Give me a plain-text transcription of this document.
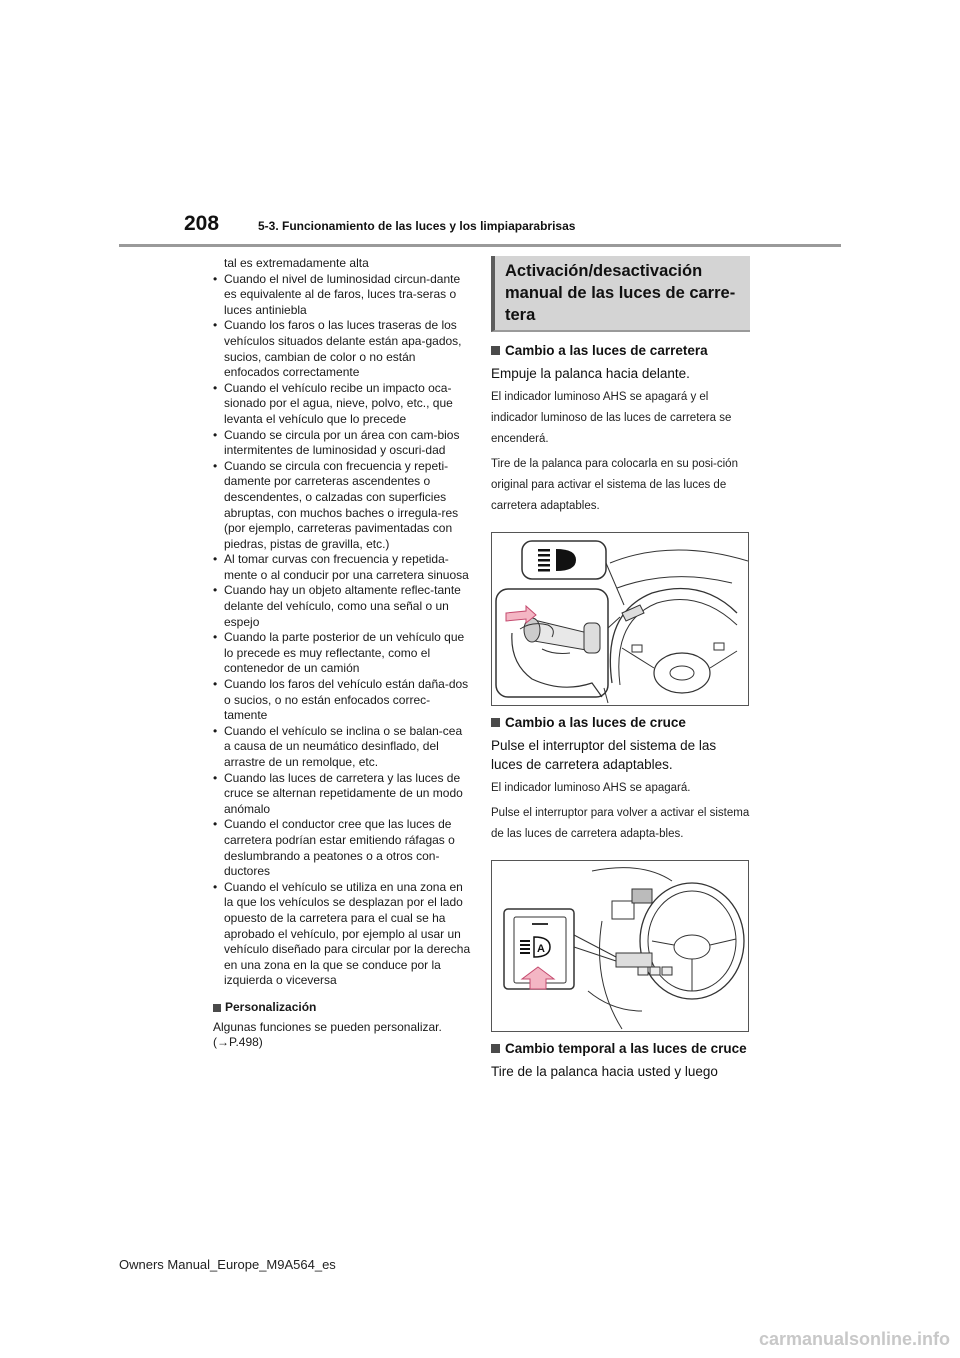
208	5-3. Funcionamiento de las luces y los limpiaparabrisas
tal es extremadamente alta
• Cuando el nivel de luminosidad circun-dante es equivalente al de faros, luces tra-seras o luces antiniebla
• Cuando los faros o las luces traseras de los vehículos situados delante están apa-gados, sucios, cambian de color o no están enfocados correctamente
• Cuando el vehículo recibe un impacto oca-sionado por el agua, nieve, polvo, etc., que levanta el vehículo que lo precede
• Cuando se circula por un área con cam-bios intermitentes de luminosidad y oscuri-dad
• Cuando se circula con frecuencia y repeti-damente por carreteras ascendentes o descendentes, o calzadas con superficies abruptas, con muchos baches o irregula-res (por ejemplo, carreteras pavimentadas con piedras, pistas de gravilla, etc.)
• Al tomar curvas con frecuencia y repetida-mente o al conducir por una carretera sinuosa
• Cuando hay un objeto altamente reflec-tante delante del vehículo, como una señal o un espejo
• Cuando la parte posterior de un vehículo que lo precede es muy reflectante, como el contenedor de un camión
• Cuando los faros del vehículo están daña-dos o sucios, o no están enfocados correc-tamente
• Cuando el vehículo se inclina o se balan-cea a causa de un neumático desinflado, del arrastre de un remolque, etc.
• Cuando las luces de carretera y las luces de cruce se alternan repetidamente de un modo anómalo
• Cuando el conductor cree que las luces de carretera podrían estar emitiendo ráfagas o deslumbrando a peatones o a otros con-ductores
• Cuando el vehículo se utiliza en una zona en la que los vehículos se desplazan por el lado opuesto de la carretera para el cual se ha aprobado el vehículo, por ejemplo al usar un vehículo diseñado para circular por la derecha en una zona en la que se conduce por la izquierda o viceversa
Personalización
Algunas funciones se pueden personalizar.
(→P.498)
Activación/desactivación
manual de las luces de carre-
tera
Cambio a las luces de carretera
Empuje la palanca hacia delante.
El indicador luminoso AHS se apagará y el indicador luminoso de las luces de carretera se encenderá.
Tire de la palanca para colocarla en su posi-ción original para activar el sistema de las luces de carretera adaptables.
Cambio a las luces de cruce
Pulse el interruptor del sistema de las luces de carretera adaptables.
El indicador luminoso AHS se apagará.
Pulse el interruptor para volver a activar el sistema de las luces de carretera adapta-bles.
A
Cambio temporal a las luces de cruce
Tire de la palanca hacia usted y luego
Owners Manual_Europe_M9A564_es
carmanualsonline.info
